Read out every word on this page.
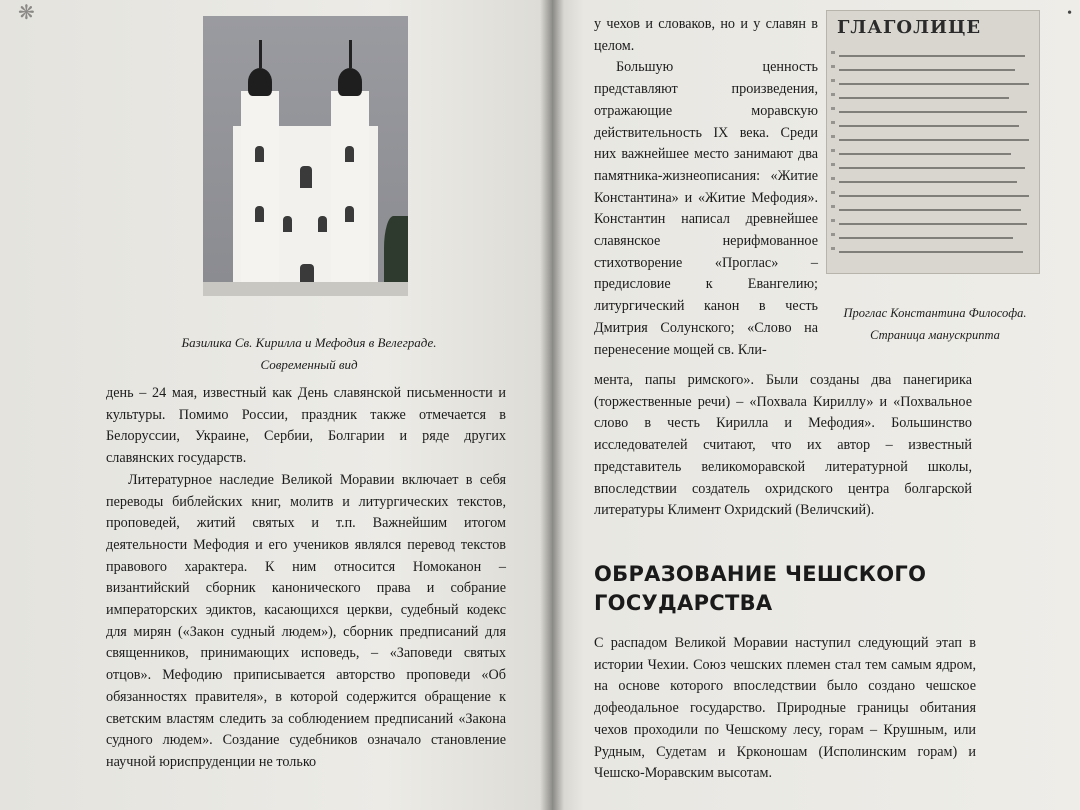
❋
Базилика Св. Кирилла и Мефодия в Велеграде.
Современный вид

день – 24 мая, известный как День славянской письменности и культуры. Помимо России, праздник также отмечается в Белоруссии, Украине, Сербии, Болгарии и ряде других славянских государств.

Литературное наследие Великой Моравии включает в себя переводы библейских книг, молитв и литургических текстов, проповедей, житий святых и т.п. Важнейшим итогом деятельности Мефодия и его учеников являлся перевод текстов правового характера. К ним относится Номоканон – византийский сборник канонического права и собрание императорских эдиктов, касающихся церкви, судебный кодекс для мирян («Закон судный людем»), сборник предписаний для священников, принимающих исповедь, – «Заповеди святых отцов». Мефодию приписывается авторство проповеди «Об обязанностях правителя», в которой содержится обращение к светским властям следить за соблюдением предписаний «Закона судного людем». Создание судебников означало становление научной юриспруденции не только

•

у чехов и словаков, но и у славян в целом.

Большую ценность представляют произведения, отражающие моравскую действительность IX века. Среди них важнейшее место занимают два памятника-жизнеописания: «Житие Константина» и «Житие Мефодия». Константин написал древнейшее славянское нерифмованное стихотворение «Проглас» – предисловие к Евангелию; литургический канон в честь Дмитрия Солунского; «Слово на перенесение мощей св. Кли-

ГЛАГОЛИЦЕ
Проглас Константина Философа.
Страница манускрипта

мента, папы римского». Были созданы два панегирика (торжественные речи) – «Похвала Кириллу» и «Похвальное слово в честь Кирилла и Мефодия». Большинство исследователей считают, что их автор – известный представитель великоморавской литературной школы, впоследствии создатель охридского центра болгарской литературы Климент Охридский (Величский).

ОБРАЗОВАНИЕ ЧЕШСКОГО ГОСУДАРСТВА

С распадом Великой Моравии наступил следующий этап в истории Чехии. Союз чешских племен стал тем самым ядром, на основе которого впоследствии было создано чешское дофеодальное государство. Природные границы обитания чехов проходили по Чешскому лесу, горам – Крушным, или Рудным, Судетам и Крконошам (Исполинским горам) и Чешско-Моравским высотам.
